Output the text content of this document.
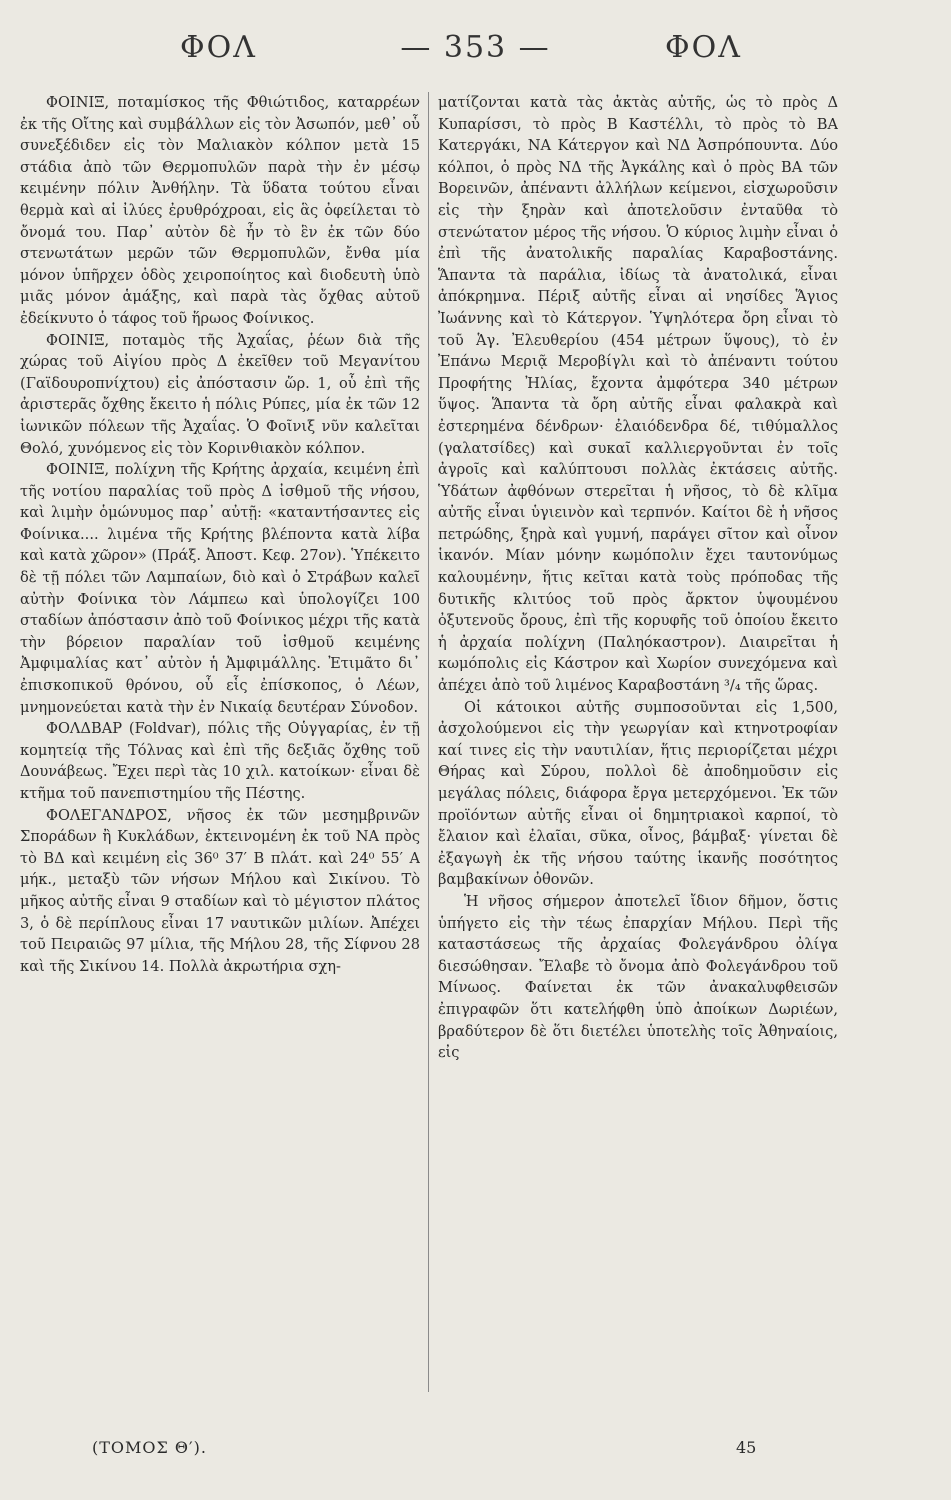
ΦΟΛ	— 353 —	ΦΟΛ

ΦΟΙΝΙΞ, ποταμίσκος τῆς Φθιώτιδος, καταρρέων ἐκ τῆς Οἴτης καὶ συμβάλλων εἰς τὸν Ἀσωπόν, μεθ᾽ οὗ συνεξέδιδεν εἰς τὸν Μαλιακὸν κόλπον μετὰ 15 στάδια ἀπὸ τῶν Θερμοπυλῶν παρὰ τὴν ἐν μέσῳ κειμένην πόλιν Ἀνθήλην. Τὰ ὕδατα τούτου εἶναι θερμὰ καὶ αἱ ἰλύες ἐρυθρόχροαι, εἰς ἃς ὀφείλεται τὸ ὄνομά του. Παρ᾽ αὐτὸν δὲ ἦν τὸ ἓν ἐκ τῶν δύο στενωτάτων μερῶν τῶν Θερμοπυλῶν, ἔνθα μία μόνον ὑπῆρχεν ὁδὸς χειροποίητος καὶ διοδευτὴ ὑπὸ μιᾶς μόνον ἁμάξης, καὶ παρὰ τὰς ὄχθας αὐτοῦ ἐδείκνυτο ὁ τάφος τοῦ ἥρωος Φοίνικος.

ΦΟΙΝΙΞ, ποταμὸς τῆς Ἀχαΐας, ῥέων διὰ τῆς χώρας τοῦ Αἰγίου πρὸς Δ ἐκεῖθεν τοῦ Μεγανίτου (Γαϊδουροπνίχτου) εἰς ἀπόστασιν ὥρ. 1, οὗ ἐπὶ τῆς ἀριστερᾶς ὄχθης ἔκειτο ἡ πόλις Ρύπες, μία ἐκ τῶν 12 ἰωνικῶν πόλεων τῆς Ἀχαΐας. Ὁ Φοῖνιξ νῦν καλεῖται Θολό, χυνόμενος εἰς τὸν Κορινθιακὸν κόλπον.

ΦΟΙΝΙΞ, πολίχνη τῆς Κρήτης ἀρχαία, κειμένη ἐπὶ τῆς νοτίου παραλίας τοῦ πρὸς Δ ἰσθμοῦ τῆς νήσου, καὶ λιμὴν ὁμώνυμος παρ᾽ αὐτῇ: «καταντήσαντες εἰς Φοίνικα.... λιμένα τῆς Κρήτης βλέποντα κατὰ λίβα καὶ κατὰ χῶρον» (Πράξ. Ἀποστ. Κεφ. 27ον). Ὑπέκειτο δὲ τῇ πόλει τῶν Λαμπαίων, διὸ καὶ ὁ Στράβων καλεῖ αὐτὴν Φοίνικα τὸν Λάμπεω καὶ ὑπολογίζει 100 σταδίων ἀπόστασιν ἀπὸ τοῦ Φοίνικος μέχρι τῆς κατὰ τὴν βόρειον παραλίαν τοῦ ἰσθμοῦ κειμένης Ἀμφιμαλίας κατ᾽ αὐτὸν ἡ Ἀμφιμάλλης. Ἐτιμᾶτο δι᾽ ἐπισκοπικοῦ θρόνου, οὗ εἷς ἐπίσκοπος, ὁ Λέων, μνημονεύεται κατὰ τὴν ἐν Νικαίᾳ δευτέραν Σύνοδον.

ΦΟΛΔΒΑΡ (Foldvar), πόλις τῆς Οὑγγαρίας, ἐν τῇ κομητείᾳ τῆς Τόλνας καὶ ἐπὶ τῆς δεξιᾶς ὄχθης τοῦ Δουνάβεως. Ἔχει περὶ τὰς 10 χιλ. κατοίκων· εἶναι δὲ κτῆμα τοῦ πανεπιστημίου τῆς Πέστης.

ΦΟΛΕΓΑΝΔΡΟΣ, νῆσος ἐκ τῶν μεσημβρινῶν Σποράδων ἢ Κυκλάδων, ἐκτεινομένη ἐκ τοῦ ΝΑ πρὸς τὸ ΒΔ καὶ κειμένη εἰς 36⁰ 37′ Β πλάτ. καὶ 24⁰ 55′ Α μήκ., μεταξὺ τῶν νήσων Μήλου καὶ Σικίνου. Τὸ μῆκος αὐτῆς εἶναι 9 σταδίων καὶ τὸ μέγιστον πλάτος 3, ὁ δὲ περίπλους εἶναι 17 ναυτικῶν μιλίων. Ἀπέχει τοῦ Πειραιῶς 97 μίλια, τῆς Μήλου 28, τῆς Σίφνου 28 καὶ τῆς Σικίνου 14. Πολλὰ ἀκρωτήρια σχη-

ματίζονται κατὰ τὰς ἀκτὰς αὐτῆς, ὡς τὸ πρὸς Δ Κυπαρίσσι, τὸ πρὸς Β Καστέλλι, τὸ πρὸς τὸ ΒΑ Κατεργάκι, ΝΑ Κάτεργον καὶ ΝΔ Ἀσπρόπουντα. Δύο κόλποι, ὁ πρὸς ΝΔ τῆς Ἀγκάλης καὶ ὁ πρὸς ΒΑ τῶν Βορεινῶν, ἀπέναντι ἀλλήλων κείμενοι, εἰσχωροῦσιν εἰς τὴν ξηρὰν καὶ ἀποτελοῦσιν ἐνταῦθα τὸ στενώτατον μέρος τῆς νήσου. Ὁ κύριος λιμὴν εἶναι ὁ ἐπὶ τῆς ἀνατολικῆς παραλίας Καραβοστάνης. Ἅπαντα τὰ παράλια, ἰδίως τὰ ἀνατολικά, εἶναι ἀπόκρημνα. Πέριξ αὐτῆς εἶναι αἱ νησίδες Ἅγιος Ἰωάννης καὶ τὸ Κάτεργον. Ὑψηλότερα ὄρη εἶναι τὸ τοῦ Ἁγ. Ἐλευθερίου (454 μέτρων ὕψους), τὸ ἐν Ἐπάνω Μεριᾷ Μεροβίγλι καὶ τὸ ἀπέναντι τούτου Προφήτης Ἠλίας, ἔχοντα ἀμφότερα 340 μέτρων ὕψος. Ἅπαντα τὰ ὄρη αὐτῆς εἶναι φαλακρὰ καὶ ἐστερημένα δένδρων· ἐλαιόδενδρα δέ, τιθύμαλλος (γαλατσίδες) καὶ συκαῖ καλλιεργοῦνται ἐν τοῖς ἀγροῖς καὶ καλύπτουσι πολλὰς ἐκτάσεις αὐτῆς. Ὑδάτων ἀφθόνων στερεῖται ἡ νῆσος, τὸ δὲ κλῖμα αὐτῆς εἶναι ὑγιεινὸν καὶ τερπνόν. Καίτοι δὲ ἡ νῆσος πετρώδης, ξηρὰ καὶ γυμνή, παράγει σῖτον καὶ οἶνον ἱκανόν. Μίαν μόνην κωμόπολιν ἔχει ταυτονύμως καλουμένην, ἥτις κεῖται κατὰ τοὺς πρόποδας τῆς δυτικῆς κλιτύος τοῦ πρὸς ἄρκτον ὑψουμένου ὀξυτενοῦς ὄρους, ἐπὶ τῆς κορυφῆς τοῦ ὁποίου ἔκειτο ἡ ἀρχαία πολίχνη (Παληόκαστρον). Διαιρεῖται ἡ κωμόπολις εἰς Κάστρον καὶ Χωρίον συνεχόμενα καὶ ἀπέχει ἀπὸ τοῦ λιμένος Καραβοστάνη ³/₄ τῆς ὥρας.

Οἱ κάτοικοι αὐτῆς συμποσοῦνται εἰς 1,500, ἀσχολούμενοι εἰς τὴν γεωργίαν καὶ κτηνοτροφίαν καί τινες εἰς τὴν ναυτιλίαν, ἥτις περιορίζεται μέχρι Θήρας καὶ Σύρου, πολλοὶ δὲ ἀποδημοῦσιν εἰς μεγάλας πόλεις, διάφορα ἔργα μετερχόμενοι. Ἐκ τῶν προϊόντων αὐτῆς εἶναι οἱ δημητριακοὶ καρποί, τὸ ἔλαιον καὶ ἐλαῖαι, σῦκα, οἶνος, βάμβαξ· γίνεται δὲ ἐξαγωγὴ ἐκ τῆς νήσου ταύτης ἱκανῆς ποσότητος βαμβακίνων ὀθονῶν.

Ἡ νῆσος σήμερον ἀποτελεῖ ἴδιον δῆμον, ὅστις ὑπήγετο εἰς τὴν τέως ἐπαρχίαν Μήλου. Περὶ τῆς καταστάσεως τῆς ἀρχαίας Φολεγάνδρου ὀλίγα διεσώθησαν. Ἔλαβε τὸ ὄνομα ἀπὸ Φολεγάνδρου τοῦ Μίνωος. Φαίνεται ἐκ τῶν ἀνακαλυφθεισῶν ἐπιγραφῶν ὅτι κατελήφθη ὑπὸ ἀποίκων Δωριέων, βραδύτερον δὲ ὅτι διετέλει ὑποτελὴς τοῖς Ἀθηναίοις, εἰς

(ΤΟΜΟΣ Θ′).	45
